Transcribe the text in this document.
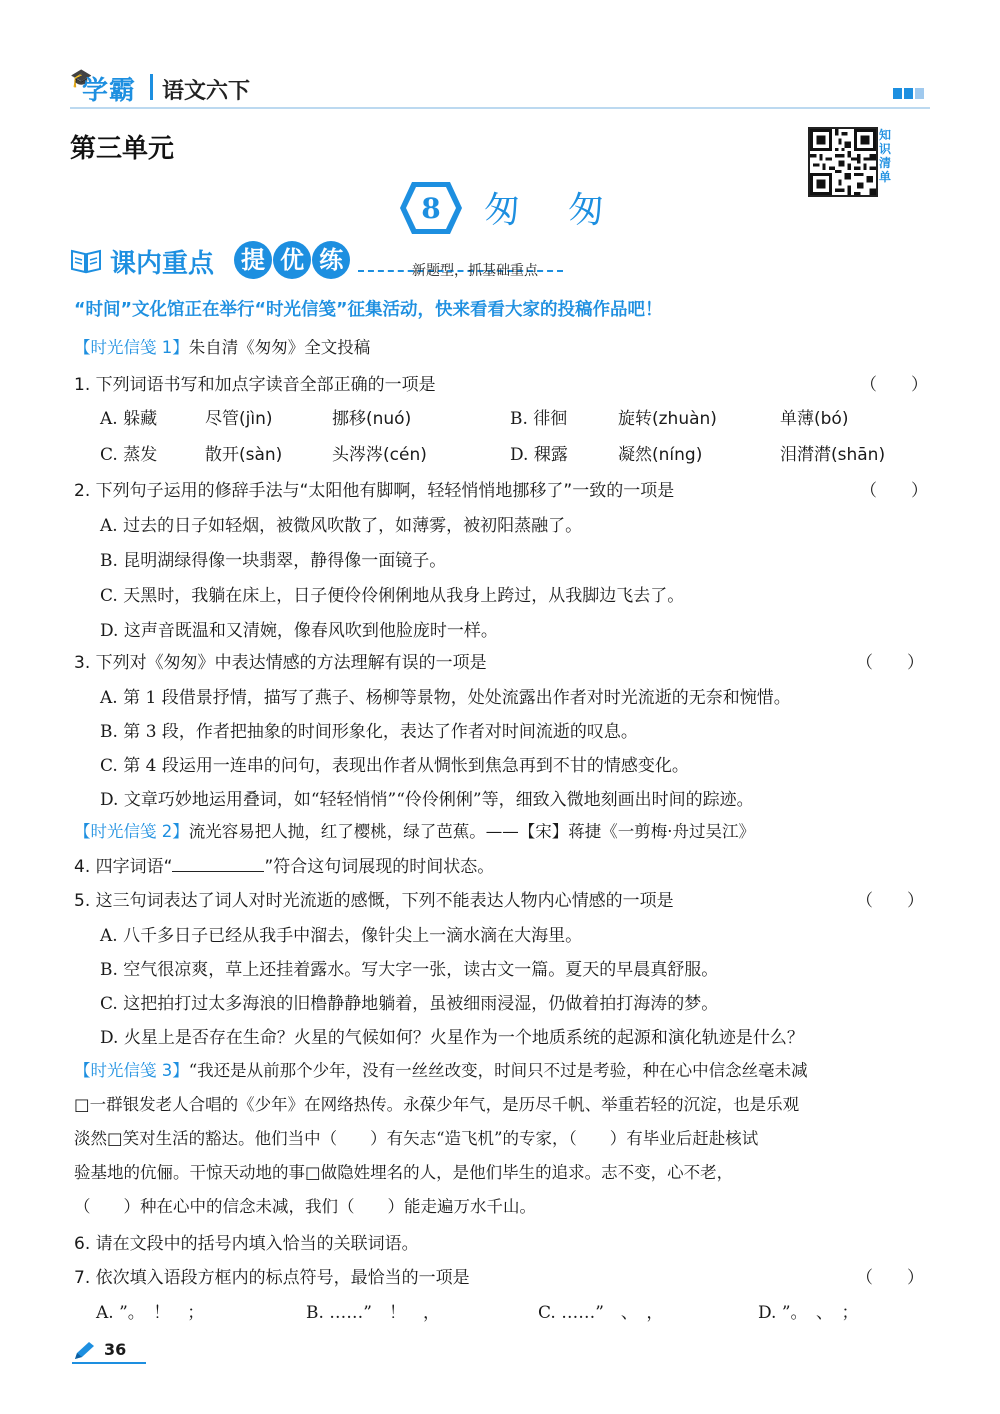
🎓
学霸 语文六下
第三单元	知识清单
8 匆匆
课内重点 提 优 练	新题型，抓基础重点
“时间”文化馆正在举行“时光信笺”征集活动，快来看看大家的投稿作品吧！
【时光信笺 1】朱自清《匆匆》全文投稿
1. 下列词语书写和加点字读音全部正确的一项是	（　　）
A. 躲藏	尽管(jìn)	挪移(nuó)	B. 徘徊	旋转(zhuàn)	单薄(bó)
C. 蒸发	散开(sàn)	头涔涔(cén)	D. 稞露	凝然(níng)	泪潸潸(shān)
2. 下列句子运用的修辞手法与“太阳他有脚啊，轻轻悄悄地挪移了”一致的一项是	（　　）
A. 过去的日子如轻烟，被微风吹散了，如薄雾，被初阳蒸融了。
B. 昆明湖绿得像一块翡翠，静得像一面镜子。
C. 天黑时，我躺在床上，日子便伶伶俐俐地从我身上跨过，从我脚边飞去了。
D. 这声音既温和又清婉，像春风吹到他脸庞时一样。
3. 下列对《匆匆》中表达情感的方法理解有误的一项是	（　　）
A. 第 1 段借景抒情，描写了燕子、杨柳等景物，处处流露出作者对时光流逝的无奈和惋惜。
B. 第 3 段，作者把抽象的时间形象化，表达了作者对时间流逝的叹息。
C. 第 4 段运用一连串的问句，表现出作者从惆怅到焦急再到不甘的情感变化。
D. 文章巧妙地运用叠词，如“轻轻悄悄”“伶伶俐俐”等，细致入微地刻画出时间的踪迹。
【时光信笺 2】流光容易把人抛，红了樱桃，绿了芭蕉。——【宋】蒋捷《一剪梅·舟过吴江》
4. 四字词语“	”符合这句词展现的时间状态。
5. 这三句词表达了词人对时光流逝的感慨，下列不能表达人物内心情感的一项是	（　　）
A. 八千多日子已经从我手中溜去，像针尖上一滴水滴在大海里。
B. 空气很凉爽，草上还挂着露水。写大字一张，读古文一篇。夏天的早晨真舒服。
C. 这把拍打过太多海浪的旧橹静静地躺着，虽被细雨浸湿，仍做着拍打海涛的梦。
D. 火星上是否存在生命？火星的气候如何？火星作为一个地质系统的起源和演化轨迹是什么？
【时光信笺 3】“我还是从前那个少年，没有一丝丝改变，时间只不过是考验，种在心中信念丝毫未减
□一群银发老人合唱的《少年》在网络热传。永葆少年气，是历尽千帆、举重若轻的沉淀，也是乐观
淡然□笑对生活的豁达。他们当中（　　）有矢志“造飞机”的专家，（　　）有毕业后赶赴核试
验基地的伉俪。干惊天动地的事□做隐姓埋名的人，是他们毕生的追求。志不变，心不老，
（　　）种在心中的信念未减，我们（　　）能走遍万水千山。
6. 请在文段中的括号内填入恰当的关联词语。
7. 依次填入语段方框内的标点符号，最恰当的一项是	（　　）
A. ”。　！　；	B. ……”　！　，	C. ……”　、　，	D. ”。　、　；
36
